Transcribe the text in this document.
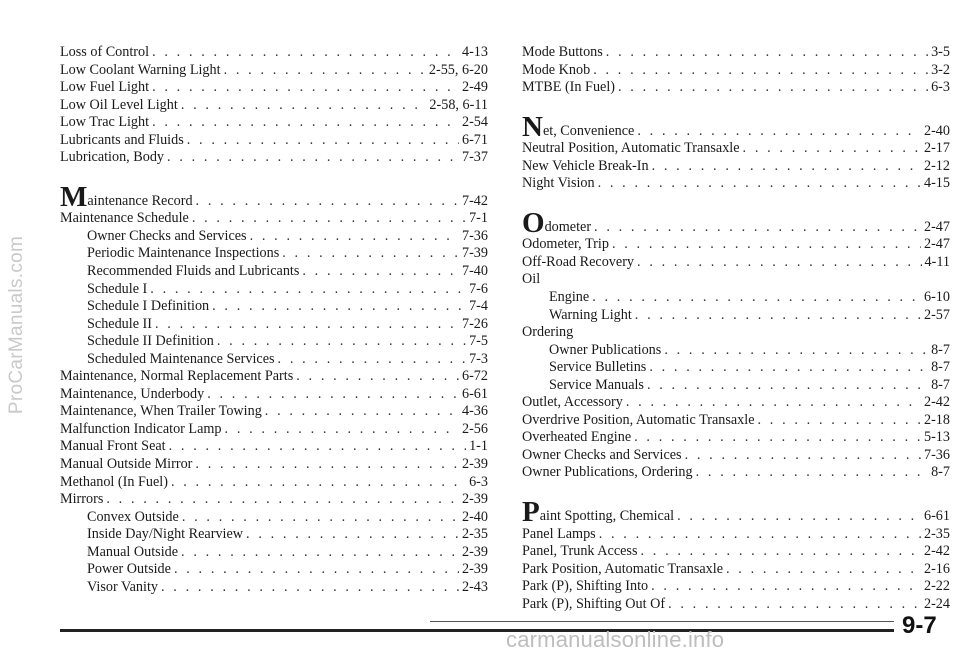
ProCarManuals.com
Loss of Control . . .	4-13
Low Coolant Warning Light . . .	2-55, 6-20
Low Fuel Light . . .	2-49
Low Oil Level Light . . .	2-58, 6-11
Low Trac Light . . .	2-54
Lubricants and Fluids . . .	6-71
Lubrication, Body . . .	7-37
Maintenance Record . . .	7-42
Maintenance Schedule . . .	7-1
Owner Checks and Services . . .	7-36
Periodic Maintenance Inspections . . .	7-39
Recommended Fluids and Lubricants . . .	7-40
Schedule I . . .	7-6
Schedule I Definition . . .	7-4
Schedule II . . .	7-26
Schedule II Definition . . .	7-5
Scheduled Maintenance Services . . .	7-3
Maintenance, Normal Replacement Parts . . .	6-72
Maintenance, Underbody . . .	6-61
Maintenance, When Trailer Towing . . .	4-36
Malfunction Indicator Lamp . . .	2-56
Manual Front Seat . . .	1-1
Manual Outside Mirror . . .	2-39
Methanol (In Fuel) . . .	6-3
Mirrors . . .	2-39
Convex Outside . . .	2-40
Inside Day/Night Rearview . . .	2-35
Manual Outside . . .	2-39
Power Outside . . .	2-39
Visor Vanity . . .	2-43
Mode Buttons . . .	3-5
Mode Knob . . .	3-2
MTBE (In Fuel) . . .	6-3
Net, Convenience . . .	2-40
Neutral Position, Automatic Transaxle . . .	2-17
New Vehicle Break-In . . .	2-12
Night Vision . . .	4-15
Odometer . . .	2-47
Odometer, Trip . . .	2-47
Off-Road Recovery . . .	4-11
Oil
Engine . . .	6-10
Warning Light . . .	2-57
Ordering
Owner Publications . . .	8-7
Service Bulletins . . .	8-7
Service Manuals . . .	8-7
Outlet, Accessory . . .	2-42
Overdrive Position, Automatic Transaxle . . .	2-18
Overheated Engine . . .	5-13
Owner Checks and Services . . .	7-36
Owner Publications, Ordering . . .	8-7
Paint Spotting, Chemical . . .	6-61
Panel Lamps . . .	2-35
Panel, Trunk Access . . .	2-42
Park Position, Automatic Transaxle . . .	2-16
Park (P), Shifting Into . . .	2-22
Park (P), Shifting Out Of . . .	2-24
9-7
carmanualsonline.info
